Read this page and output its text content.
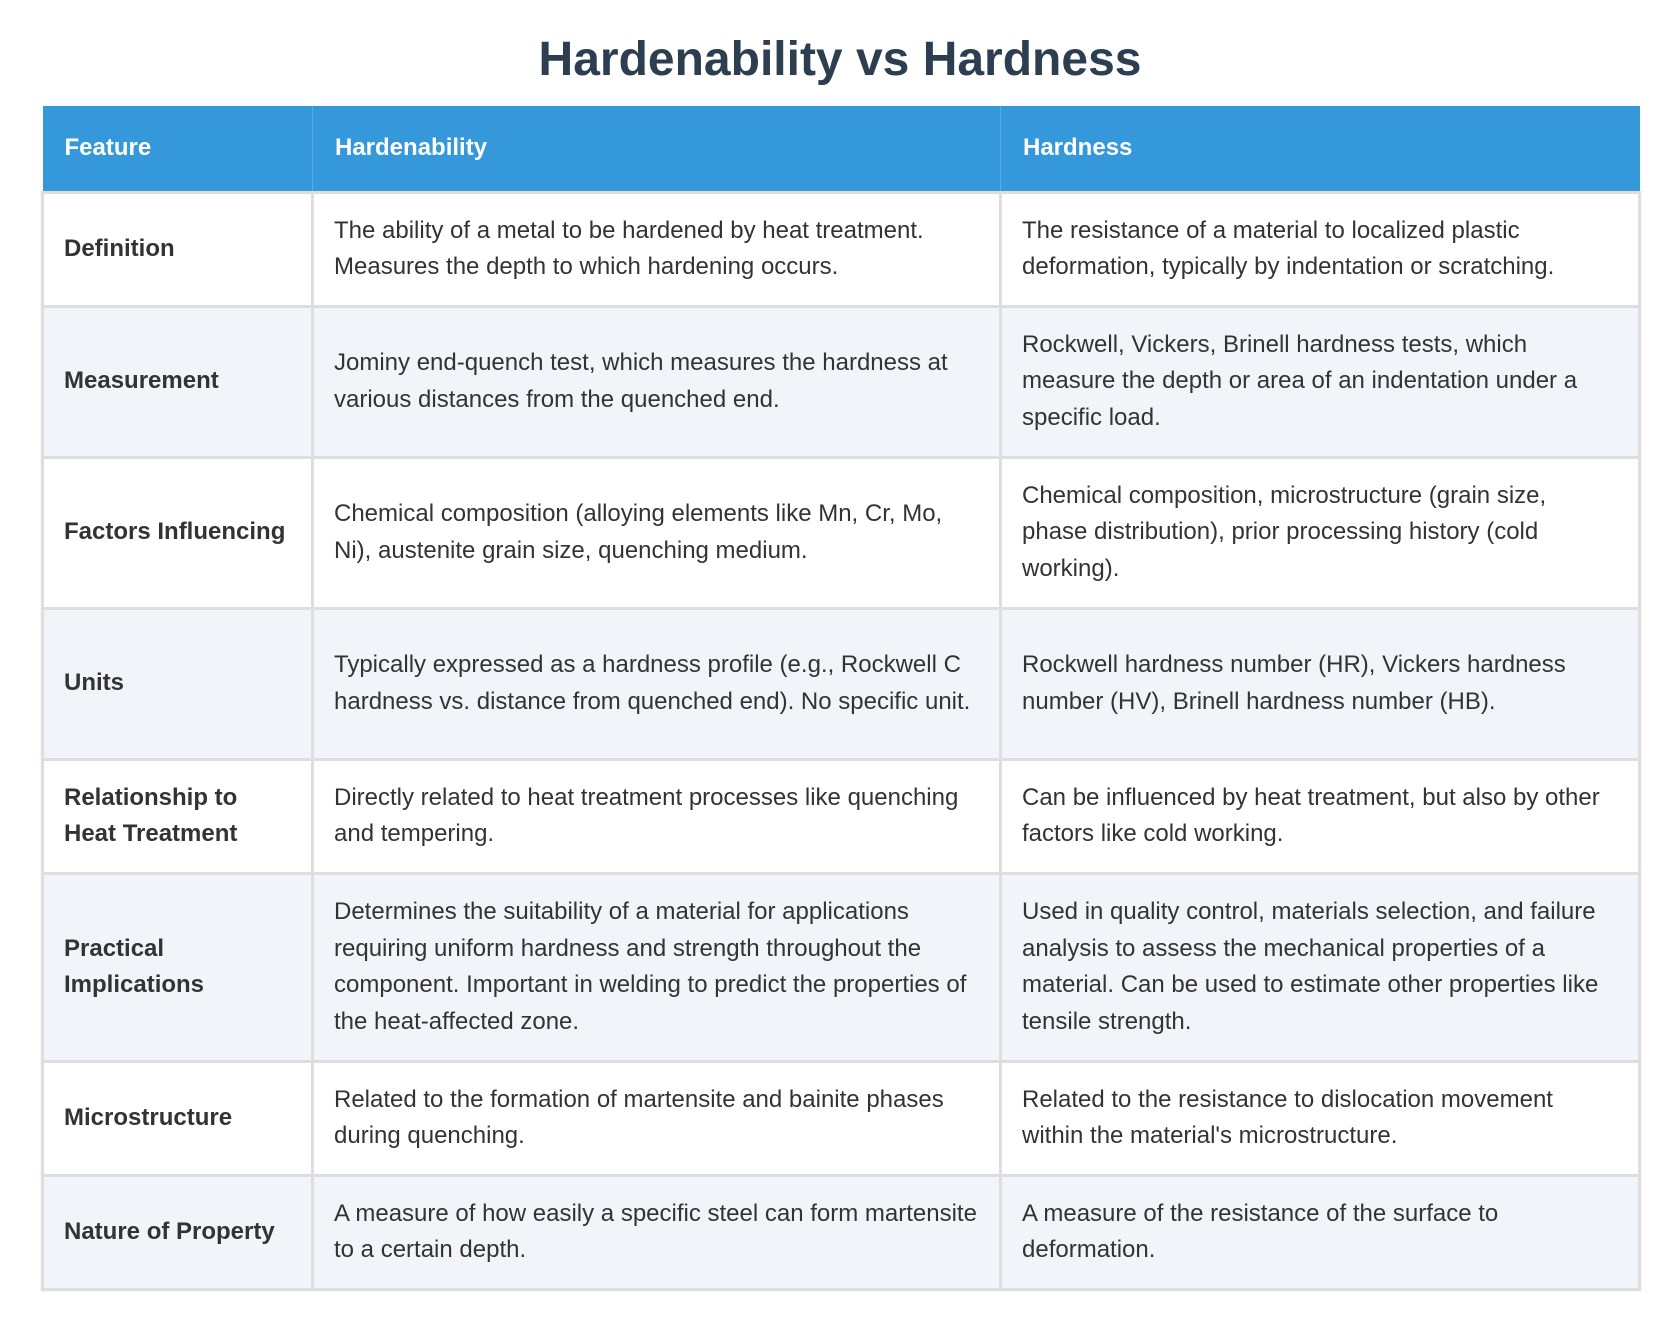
Hardenability vs Hardness
Feature	Hardenability	Hardness
Definition	The ability of a metal to be hardened by heat treatment. Measures the depth to which hardening occurs.	The resistance of a material to localized plastic deformation, typically by indentation or scratching.
Measurement	Jominy end-quench test, which measures the hardness at various distances from the quenched end.	Rockwell, Vickers, Brinell hardness tests, which measure the depth or area of an indentation under a specific load.
Factors Influencing	Chemical composition (alloying elements like Mn, Cr, Mo, Ni), austenite grain size, quenching medium.	Chemical composition, microstructure (grain size, phase distribution), prior processing history (cold working).
Units	Typically expressed as a hardness profile (e.g., Rockwell C hardness vs. distance from quenched end). No specific unit.	Rockwell hardness number (HR), Vickers hardness number (HV), Brinell hardness number (HB).
Relationship to Heat Treatment	Directly related to heat treatment processes like quenching and tempering.	Can be influenced by heat treatment, but also by other factors like cold working.
Practical Implications	Determines the suitability of a material for applications requiring uniform hardness and strength throughout the component. Important in welding to predict the properties of the heat-affected zone.	Used in quality control, materials selection, and failure analysis to assess the mechanical properties of a material. Can be used to estimate other properties like tensile strength.
Microstructure	Related to the formation of martensite and bainite phases during quenching.	Related to the resistance to dislocation movement within the material's microstructure.
Nature of Property	A measure of how easily a specific steel can form martensite to a certain depth.	A measure of the resistance of the surface to deformation.
